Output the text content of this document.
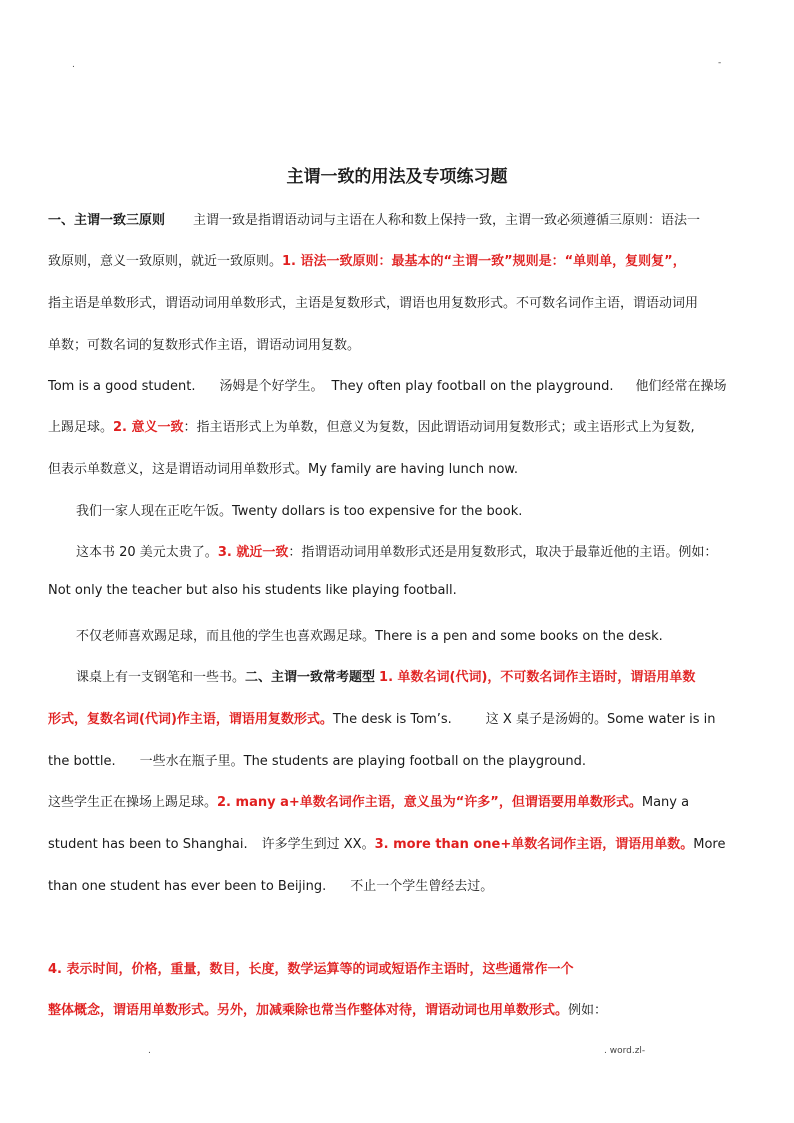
.	-
主谓一致的用法及专项练习题
一、主谓一致三原则 主谓一致是指谓语动词与主语在人称和数上保持一致，主谓一致必须遵循三原则：语法一
致原则，意义一致原则，就近一致原则。1. 语法一致原则：最基本的“主谓一致”规则是：“单则单，复则复”，
指主语是单数形式，谓语动词用单数形式，主语是复数形式，谓语也用复数形式。不可数名词作主语，谓语动词用
单数；可数名词的复数形式作主语，谓语动词用复数。
Tom is a good student. 汤姆是个好学生。 They often play football on the playground. 他们经常在操场
上踢足球。2. 意义一致：指主语形式上为单数，但意义为复数，因此谓语动词用复数形式；或主语形式上为复数,
但表示单数意义，这是谓语动词用单数形式。My family are having lunch now.
我们一家人现在正吃午饭。Twenty dollars is too expensive for the book.
这本书 20 美元太贵了。3. 就近一致：指谓语动词用单数形式还是用复数形式，取决于最靠近他的主语。例如：
Not only the teacher but also his students like playing football.
不仅老师喜欢踢足球，而且他的学生也喜欢踢足球。There is a pen and some books on the desk.
课桌上有一支钢笔和一些书。二、主谓一致常考题型 1. 单数名词(代词)，不可数名词作主语时，谓语用单数
形式，复数名词(代词)作主语，谓语用复数形式。The desk is Tom’s.	这 X 桌子是汤姆的。Some water is in
the bottle. 一些水在瓶子里。The students are playing football on the playground.
这些学生正在操场上踢足球。2. many a+单数名词作主语，意义虽为“许多”，但谓语要用单数形式。Many a
student has been to Shanghai. 许多学生到过 XX。3. more than one+单数名词作主语，谓语用单数。More
than one student has ever been to Beijing. 不止一个学生曾经去过。
4. 表示时间，价格，重量，数目，长度，数学运算等的词或短语作主语时，这些通常作一个
整体概念，谓语用单数形式。另外，加减乘除也常当作整体对待，谓语动词也用单数形式。例如：
.	. word.zl-
